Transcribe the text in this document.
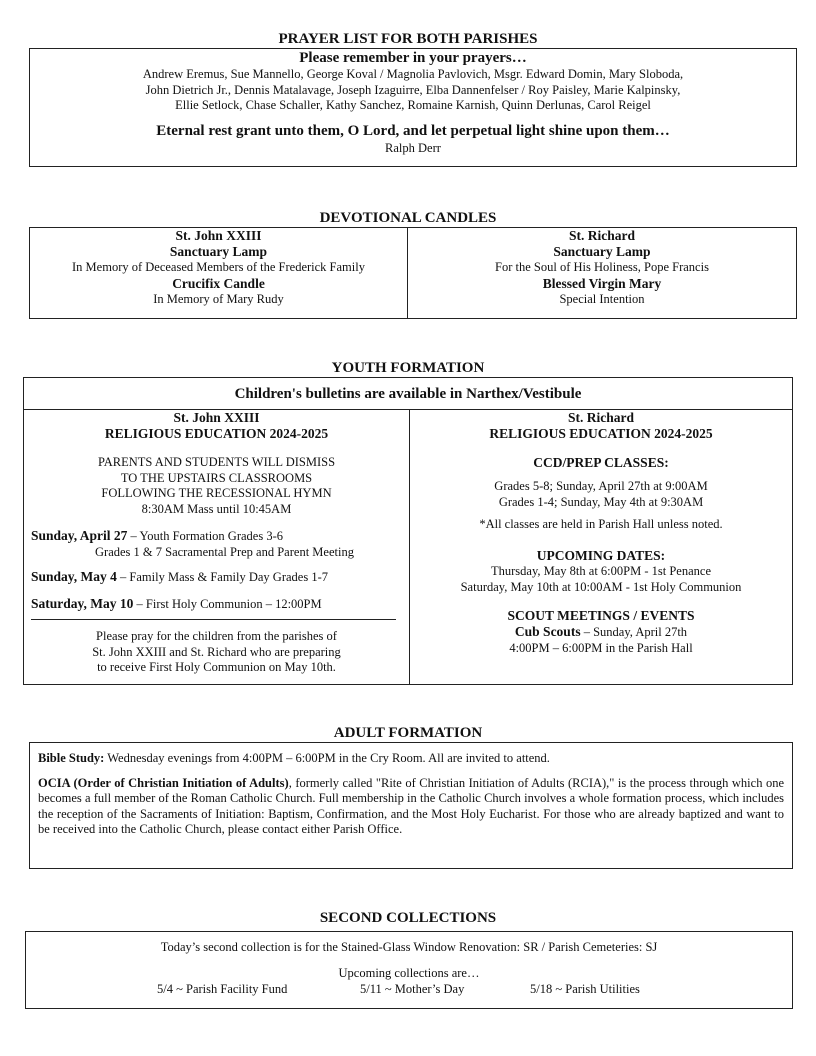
PRAYER LIST FOR BOTH PARISHES
Please remember in your prayers…
Andrew Eremus, Sue Mannello, George Koval / Magnolia Pavlovich, Msgr. Edward Domin, Mary Sloboda,
John Dietrich Jr., Dennis Matalavage, Joseph Izaguirre, Elba Dannenfelser / Roy Paisley, Marie Kalpinsky,
Ellie Setlock, Chase Schaller, Kathy Sanchez, Romaine Karnish, Quinn Derlunas, Carol Reigel
Eternal rest grant unto them, O Lord, and let perpetual light shine upon them…
Ralph Derr
DEVOTIONAL CANDLES
St. John XXIII
Sanctuary Lamp
In Memory of Deceased Members of the Frederick Family
Crucifix Candle
In Memory of Mary Rudy
St. Richard
Sanctuary Lamp
For the Soul of His Holiness, Pope Francis
Blessed Virgin Mary
Special Intention
YOUTH FORMATION
Children's bulletins are available in Narthex/Vestibule
St. John XXIII
RELIGIOUS EDUCATION 2024-2025
PARENTS AND STUDENTS WILL DISMISS
TO THE UPSTAIRS CLASSROOMS
FOLLOWING THE RECESSIONAL HYMN
8:30AM Mass until 10:45AM
Sunday, April 27 – Youth Formation Grades 3-6
Grades 1 & 7 Sacramental Prep and Parent Meeting
Sunday, May 4 – Family Mass & Family Day Grades 1-7
Saturday, May 10 – First Holy Communion – 12:00PM
Please pray for the children from the parishes of
St. John XXIII and St. Richard who are preparing
to receive First Holy Communion on May 10th.
St. Richard
RELIGIOUS EDUCATION 2024-2025
CCD/PREP CLASSES:
Grades 5-8; Sunday, April 27th at 9:00AM
Grades 1-4; Sunday, May 4th at 9:30AM
*All classes are held in Parish Hall unless noted.
UPCOMING DATES:
Thursday, May 8th at 6:00PM - 1st Penance
Saturday, May 10th at 10:00AM - 1st Holy Communion
SCOUT MEETINGS / EVENTS
Cub Scouts – Sunday, April 27th
4:00PM – 6:00PM in the Parish Hall
ADULT FORMATION

Bible Study: Wednesday evenings from 4:00PM – 6:00PM in the Cry Room. All are invited to attend.

OCIA (Order of Christian Initiation of Adults), formerly called "Rite of Christian Initiation of Adults (RCIA)," is the process through which one becomes a full member of the Roman Catholic Church. Full membership in the Catholic Church involves a whole formation process, which includes the reception of the Sacraments of Initiation: Baptism, Confirmation, and the Most Holy Eucharist. For those who are already baptized and want to be received into the Catholic Church, please contact either Parish Office.

SECOND COLLECTIONS
Today’s second collection is for the Stained-Glass Window Renovation: SR / Parish Cemeteries: SJ
Upcoming collections are…
5/4 ~ Parish Facility Fund	5/11 ~ Mother’s Day	5/18 ~ Parish Utilities
